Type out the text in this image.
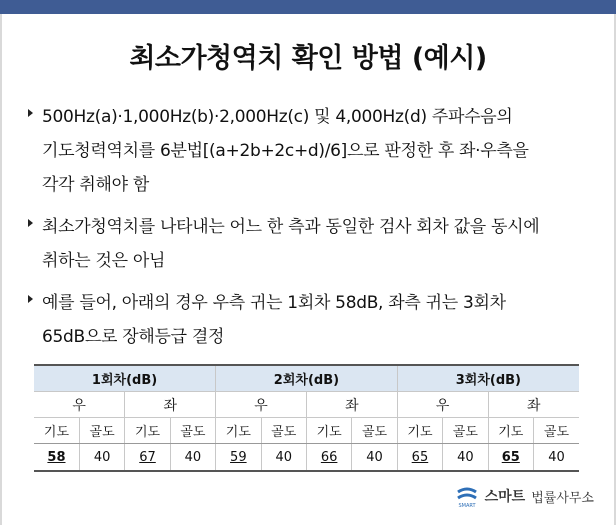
최소가청역치 확인 방법 (예시)
500Hz(a)·1,000Hz(b)·2,000Hz(c) 및 4,000Hz(d) 주파수음의
기도청력역치를 6분법[(a+2b+2c+d)/6]으로 판정한 후 좌·우측을
각각 취해야 함
최소가청역치를 나타내는 어느 한 측과 동일한 검사 회차 값을 동시에
취하는 것은 아님
예를 들어, 아래의 경우 우측 귀는 1회차 58dB, 좌측 귀는 3회차
65dB으로 장해등급 결정
1회차(dB)				2회차(dB)				3회차(dB)			
우		좌		우		좌		우		좌	
기도	골도	기도	골도	기도	골도	기도	골도	기도	골도	기도	골도
58	40	67	40	59	40	66	40	65	40	65	40
SMART
스마트 법률사무소
